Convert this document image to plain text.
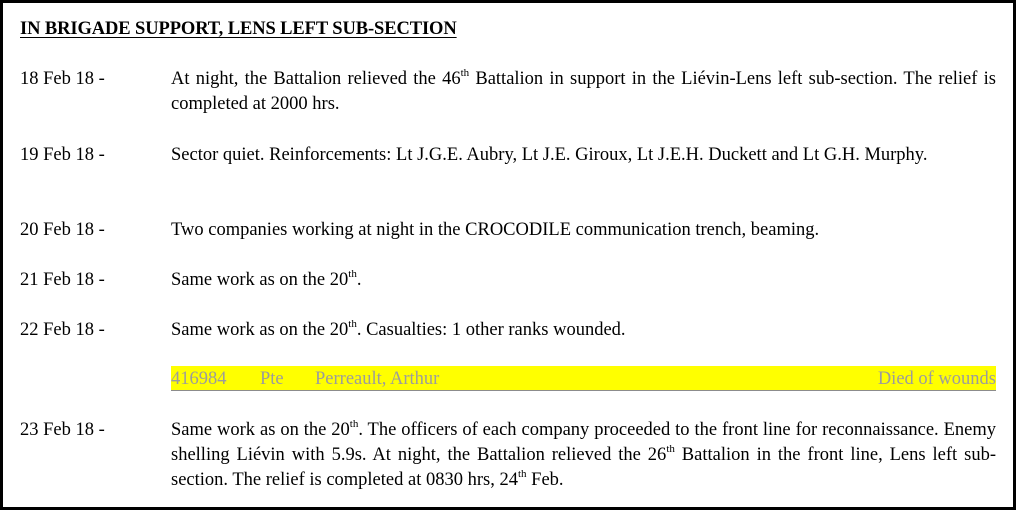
IN BRIGADE SUPPORT, LENS LEFT SUB-SECTION
18 Feb 18 -	At night, the Battalion relieved the 46th Battalion in support in the Liévin-Lens left sub-section. The relief is completed at 2000 hrs.
19 Feb 18 -	Sector quiet. Reinforcements: Lt J.G.E. Aubry, Lt J.E. Giroux, Lt J.E.H. Duckett and Lt G.H. Murphy.
20 Feb 18 -	Two companies working at night in the CROCODILE communication trench, beaming.
21 Feb 18 -	Same work as on the 20th.
22 Feb 18 -	Same work as on the 20th. Casualties: 1 other ranks wounded.
416984 Pte Perreault, Arthur	Died of wounds
23 Feb 18 -	Same work as on the 20th. The officers of each company proceeded to the front line for reconnaissance. Enemy shelling Liévin with 5.9s. At night, the Battalion relieved the 26th Battalion in the front line, Lens left sub-section. The relief is completed at 0830 hrs, 24th Feb.
